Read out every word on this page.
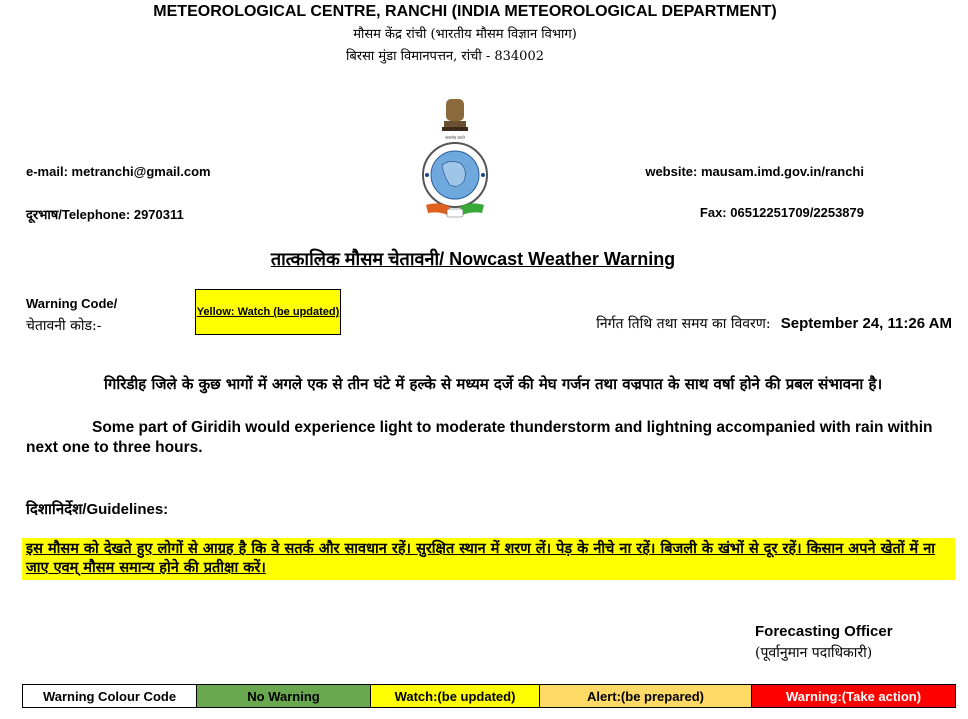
METEOROLOGICAL CENTRE, RANCHI (INDIA METEOROLOGICAL DEPARTMENT)
मौसम केंद्र रांची (भारतीय मौसम विज्ञान विभाग)
बिरसा मुंडा विमानपत्तन, रांची - 834002
सत्यमेव जयते
e-mail: metranchi@gmail.com
दूरभाष/Telephone: 2970311
website: mausam.imd.gov.in/ranchi
Fax: 06512251709/2253879
तात्कालिक मौसम चेतावनी/ Nowcast Weather Warning
Warning Code/
चेतावनी कोड:-
Yellow: Watch (be updated)
निर्गत तिथि तथा समय का विवरण: September 24, 11:26 AM
गिरिडीह जिले के कुछ भागों में अगले एक से तीन घंटे में हल्के से मध्यम दर्जे की मेघ गर्जन तथा वज्रपात के साथ वर्षा होने की प्रबल संभावना है।
Some part of Giridih would experience light to moderate thunderstorm and lightning accompanied with rain within next one to three hours.
दिशानिर्देश/Guidelines:
इस मौसम को देखते हुए लोगों से आग्रह है कि वे सतर्क और सावधान रहें। सुरक्षित स्थान में शरण लें। पेड़ के नीचे ना रहें। बिजली के खंभों से दूर रहें। किसान अपने खेतों में ना जाए एवम् मौसम समान्य होने की प्रतीक्षा करें।
Forecasting Officer
(पूर्वानुमान पदाधिकारी)
Warning Colour Code	No Warning	Watch:(be updated)	Alert:(be prepared)	Warning:(Take action)
